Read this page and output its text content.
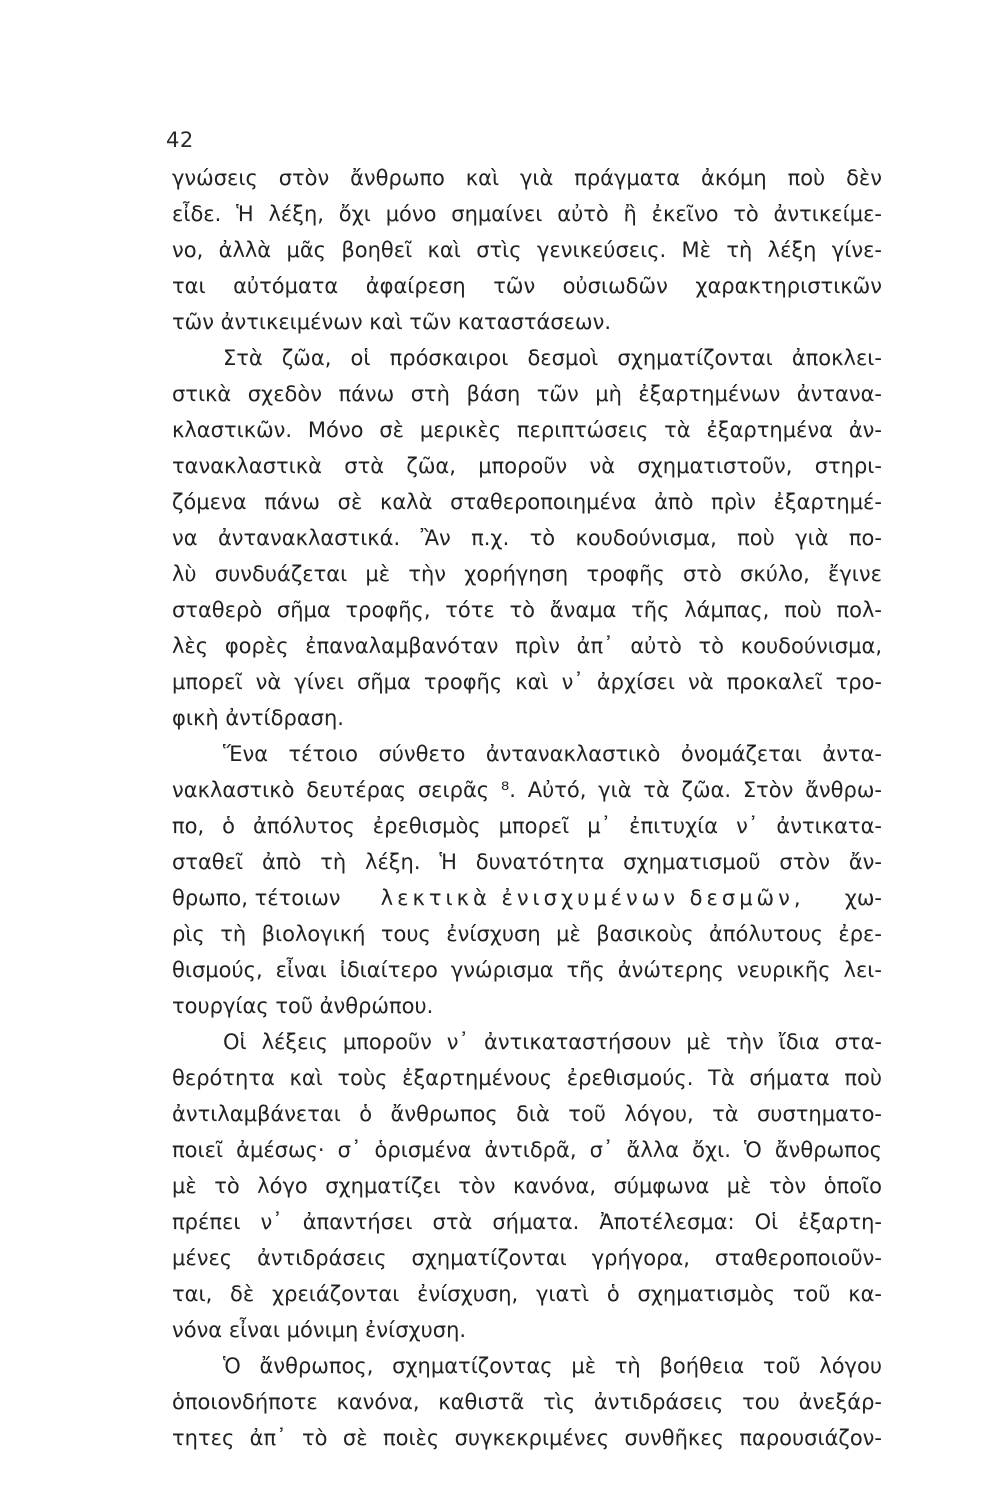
42
γνώσεις στὸν ἄνθρωπο καὶ γιὰ πράγματα ἀκόμη ποὺ δὲν
εἶδε. Ἡ λέξη, ὄχι μόνο σημαίνει αὐτὸ ἢ ἐκεῖνο τὸ ἀντικείμε-
νο, ἀλλὰ μᾶς βοηθεῖ καὶ στὶς γενικεύσεις. Μὲ τὴ λέξη γίνε-
ται αὐτόματα ἀφαίρεση τῶν οὐσιωδῶν χαρακτηριστικῶν
τῶν ἀντικειμένων καὶ τῶν καταστάσεων.
Στὰ ζῶα, οἱ πρόσκαιροι δεσμοὶ σχηματίζονται ἀποκλει-
στικὰ σχεδὸν πάνω στὴ βάση τῶν μὴ ἐξαρτημένων ἀντανα-
κλαστικῶν. Μόνο σὲ μερικὲς περιπτώσεις τὰ ἐξαρτημένα ἀν-
τανακλαστικὰ στὰ ζῶα, μποροῦν νὰ σχηματιστοῦν, στηρι-
ζόμενα πάνω σὲ καλὰ σταθεροποιημένα ἀπὸ πρὶν ἐξαρτημέ-
να ἀντανακλαστικά. Ἂν π.χ. τὸ κουδούνισμα, ποὺ γιὰ πο-
λὺ συνδυάζεται μὲ τὴν χορήγηση τροφῆς στὸ σκύλο, ἔγινε
σταθερὸ σῆμα τροφῆς, τότε τὸ ἄναμα τῆς λάμπας, ποὺ πολ-
λὲς φορὲς ἐπαναλαμβανόταν πρὶν ἀπ᾿ αὐτὸ τὸ κουδούνισμα,
μπορεῖ νὰ γίνει σῆμα τροφῆς καὶ ν᾿ ἀρχίσει νὰ προκαλεῖ τρο-
φικὴ ἀντίδραση.
Ἕνα τέτοιο σύνθετο ἀντανακλαστικὸ ὀνομάζεται ἀντα-
νακλαστικὸ δευτέρας σειρᾶς ⁸. Αὐτό, γιὰ τὰ ζῶα. Στὸν ἄνθρω-
πο, ὁ ἀπόλυτος ἐρεθισμὸς μπορεῖ μ᾿ ἐπιτυχία ν᾿ ἀντικατα-
σταθεῖ ἀπὸ τὴ λέξη. Ἡ δυνατότητα σχηματισμοῦ στὸν ἄν-
θρωπο, τέτοιων λεκτικὰ ἐνισχυμένων δεσμῶν, χω-
ρὶς τὴ βιολογική τους ἐνίσχυση μὲ βασικοὺς ἀπόλυτους ἐρε-
θισμούς, εἶναι ἰδιαίτερο γνώρισμα τῆς ἀνώτερης νευρικῆς λει-
τουργίας τοῦ ἀνθρώπου.
Οἱ λέξεις μποροῦν ν᾿ ἀντικαταστήσουν μὲ τὴν ἴδια στα-
θερότητα καὶ τοὺς ἐξαρτημένους ἐρεθισμούς. Τὰ σήματα ποὺ
ἀντιλαμβάνεται ὁ ἄνθρωπος διὰ τοῦ λόγου, τὰ συστηματο-
ποιεῖ ἀμέσως· σ᾿ ὁρισμένα ἀντιδρᾶ, σ᾿ ἄλλα ὄχι. Ὁ ἄνθρωπος
μὲ τὸ λόγο σχηματίζει τὸν κανόνα, σύμφωνα μὲ τὸν ὁποῖο
πρέπει ν᾿ ἀπαντήσει στὰ σήματα. Ἀποτέλεσμα: Οἱ ἐξαρτη-
μένες ἀντιδράσεις σχηματίζονται γρήγορα, σταθεροποιοῦν-
ται, δὲ χρειάζονται ἐνίσχυση, γιατὶ ὁ σχηματισμὸς τοῦ κα-
νόνα εἶναι μόνιμη ἐνίσχυση.
Ὁ ἄνθρωπος, σχηματίζοντας μὲ τὴ βοήθεια τοῦ λόγου
ὁποιονδήποτε κανόνα, καθιστᾶ τὶς ἀντιδράσεις του ἀνεξάρ-
τητες ἀπ᾿ τὸ σὲ ποιὲς συγκεκριμένες συνθῆκες παρουσιάζον-
